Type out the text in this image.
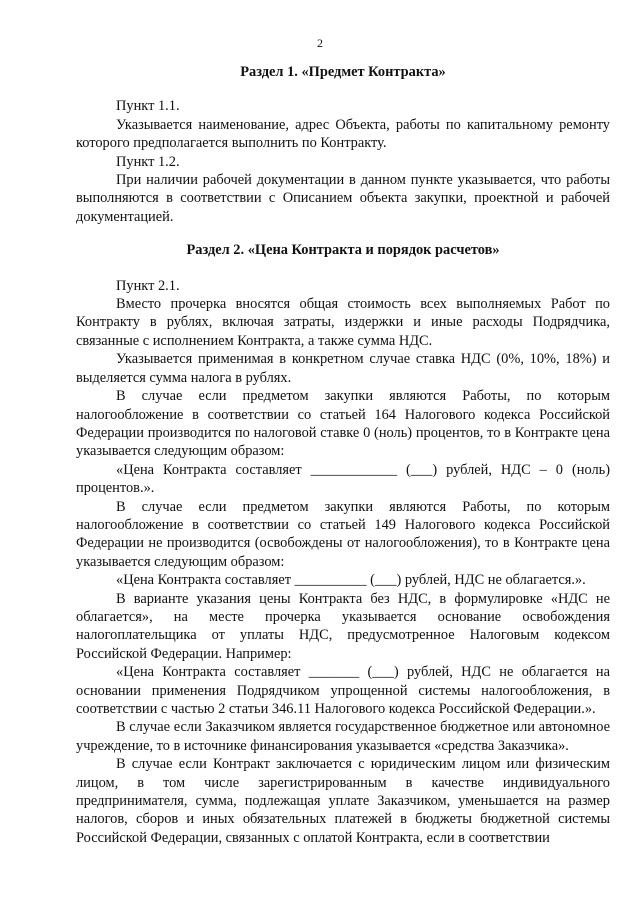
2
Раздел 1. «Предмет Контракта»

Пункт 1.1.

Указывается наименование, адрес Объекта, работы по капитальному ремонту которого предполагается выполнить по Контракту.

Пункт 1.2.

При наличии рабочей документации в данном пункте указывается, что работы выполняются в соответствии с Описанием объекта закупки, проектной и рабочей документацией.

Раздел 2. «Цена Контракта и порядок расчетов»

Пункт 2.1.

Вместо прочерка вносятся общая стоимость всех выполняемых Работ по Контракту в рублях, включая затраты, издержки и иные расходы Подрядчика, связанные с исполнением Контракта, а также сумма НДС.

Указывается применимая в конкретном случае ставка НДС (0%, 10%, 18%) и выделяется сумма налога в рублях.

В случае если предметом закупки являются Работы, по которым налогообложение в соответствии со статьей 164 Налогового кодекса Российской Федерации производится по налоговой ставке 0 (ноль) процентов, то в Контракте цена указывается следующим образом:

«Цена Контракта составляет ____________ (___) рублей, НДС – 0 (ноль) процентов.».

В случае если предметом закупки являются Работы, по которым налогообложение в соответствии со статьей 149 Налогового кодекса Российской Федерации не производится (освобождены от налогообложения), то в Контракте цена указывается следующим образом:

«Цена Контракта составляет __________ (___) рублей, НДС не облагается.».

В варианте указания цены Контракта без НДС, в формулировке «НДС не облагается», на месте прочерка указывается основание освобождения налогоплательщика от уплаты НДС, предусмотренное Налоговым кодексом Российской Федерации. Например:

«Цена Контракта составляет _______ (___) рублей, НДС не облагается на основании применения Подрядчиком упрощенной системы налогообложения, в соответствии с частью 2 статьи 346.11 Налогового кодекса Российской Федерации.».

В случае если Заказчиком является государственное бюджетное или автономное учреждение, то в источнике финансирования указывается «средства Заказчика».

В случае если Контракт заключается с юридическим лицом или физическим лицом, в том числе зарегистрированным в качестве индивидуального предпринимателя, сумма, подлежащая уплате Заказчиком, уменьшается на размер налогов, сборов и иных обязательных платежей в бюджеты бюджетной системы Российской Федерации, связанных с оплатой Контракта, если в соответствии
